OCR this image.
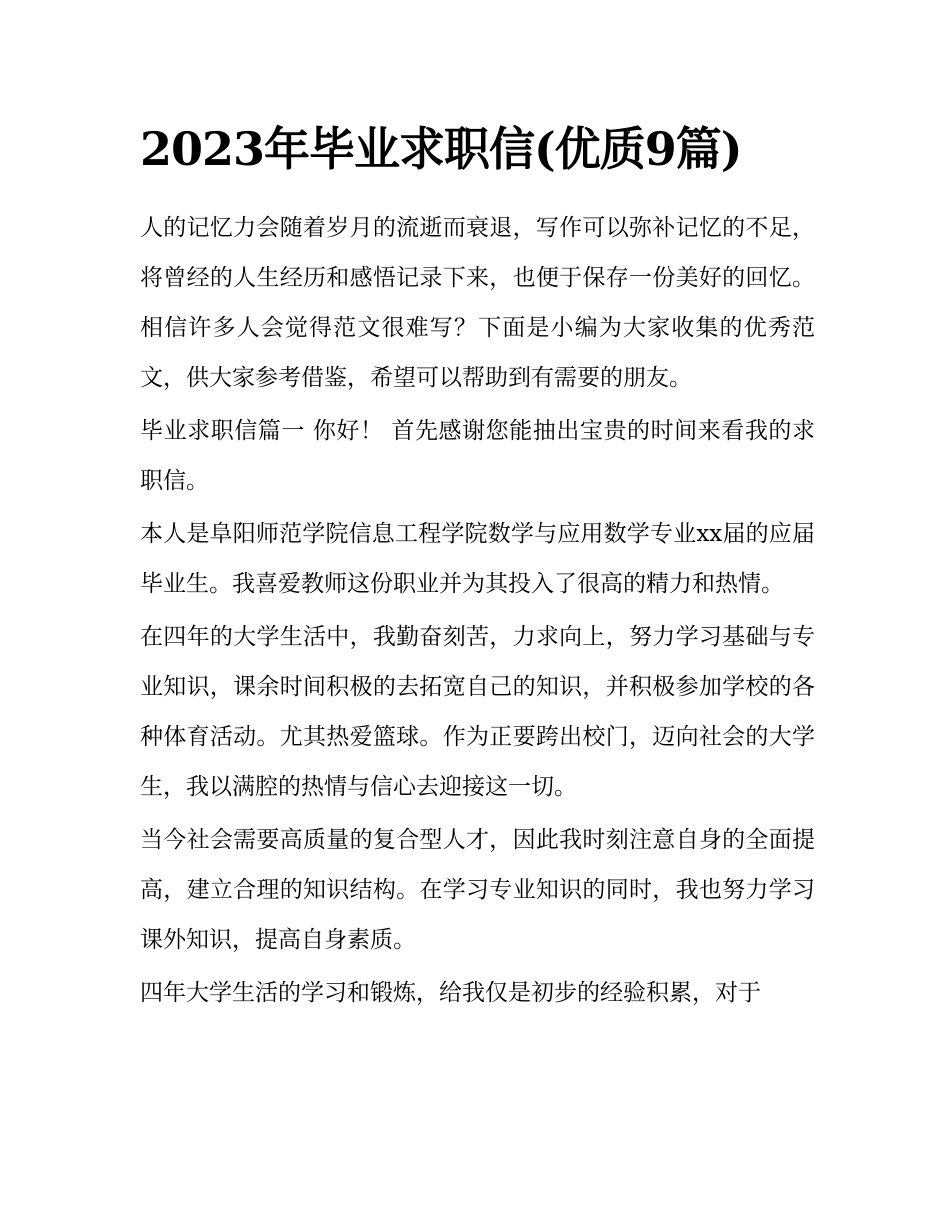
2023年毕业求职信(优质9篇)

人的记忆力会随着岁月的流逝而衰退，写作可以弥补记忆的不足，将曾经的人生经历和感悟记录下来，也便于保存一份美好的回忆。相信许多人会觉得范文很难写？下面是小编为大家收集的优秀范文，供大家参考借鉴，希望可以帮助到有需要的朋友。

毕业求职信篇一 你好！ 首先感谢您能抽出宝贵的时间来看我的求职信。

本人是阜阳师范学院信息工程学院数学与应用数学专业xx届的应届毕业生。我喜爱教师这份职业并为其投入了很高的精力和热情。

在四年的大学生活中，我勤奋刻苦，力求向上，努力学习基础与专业知识，课余时间积极的去拓宽自己的知识，并积极参加学校的各种体育活动。尤其热爱篮球。作为正要跨出校门，迈向社会的大学生，我以满腔的热情与信心去迎接这一切。

当今社会需要高质量的复合型人才，因此我时刻注意自身的全面提高，建立合理的知识结构。在学习专业知识的同时，我也努力学习课外知识，提高自身素质。

四年大学生活的学习和锻炼，给我仅是初步的经验积累，对于
